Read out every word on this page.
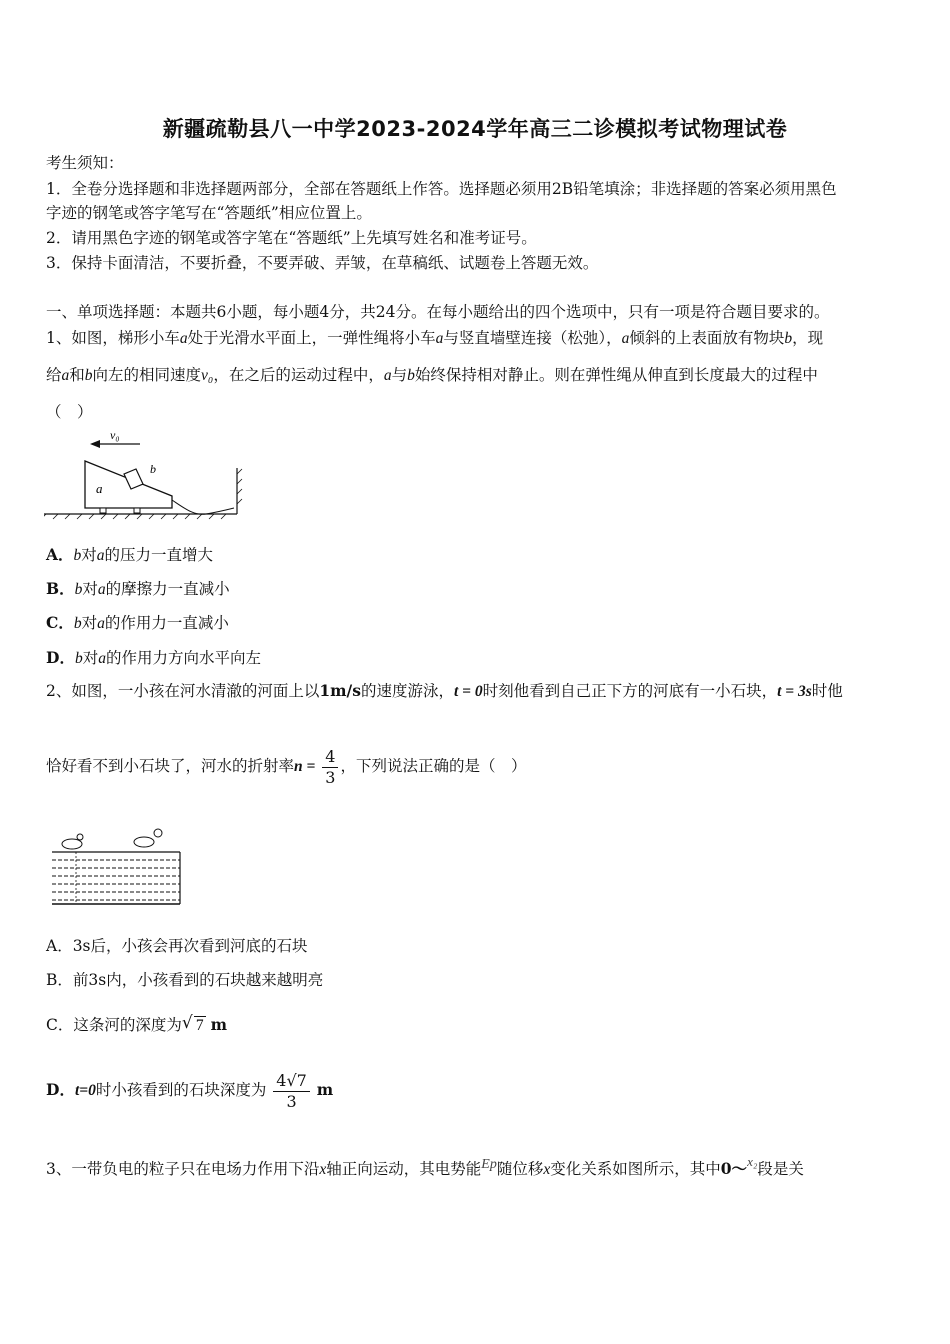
新疆疏勒县八一中学2023-2024学年高三二诊模拟考试物理试卷
考生须知：
1．全卷分选择题和非选择题两部分，全部在答题纸上作答。选择题必须用2B铅笔填涂；非选择题的答案必须用黑色
字迹的钢笔或答字笔写在“答题纸”相应位置上。
2．请用黑色字迹的钢笔或答字笔在“答题纸”上先填写姓名和准考证号。
3．保持卡面清洁，不要折叠，不要弄破、弄皱，在草稿纸、试题卷上答题无效。
一、单项选择题：本题共6小题，每小题4分，共24分。在每小题给出的四个选项中，只有一项是符合题目要求的。
1、如图，梯形小车a处于光滑水平面上，一弹性绳将小车a与竖直墙壁连接（松弛），a倾斜的上表面放有物块b，现
给a和b向左的相同速度v₀，在之后的运动过程中，a与b始终保持相对静止。则在弹性绳从伸直到长度最大的过程中
（　）
v₀
a
b
A．b对a的压力一直增大
B．b对a的摩擦力一直减小
C．b对a的作用力一直减小
D．b对a的作用力方向水平向左
2、如图，一小孩在河水清澈的河面上以1m/s的速度游泳，t = 0时刻他看到自己正下方的河底有一小石块，t = 3s时他
恰好看不到小石块了，河水的折射率$n = \frac{4}{3}$ ，下列说法正确的是（　）
A．3s后，小孩会再次看到河底的石块
B．前3s内，小孩看到的石块越来越明亮
C．这条河的深度为 √ 7 m
D．t=0时小孩看到的石块深度为 $\frac{4√7}{3}$ m
3、一带负电的粒子只在电场力作用下沿x轴正向运动，其电势能Ep随位移x变化关系如图所示，其中0～$^{x_2}$段是关
